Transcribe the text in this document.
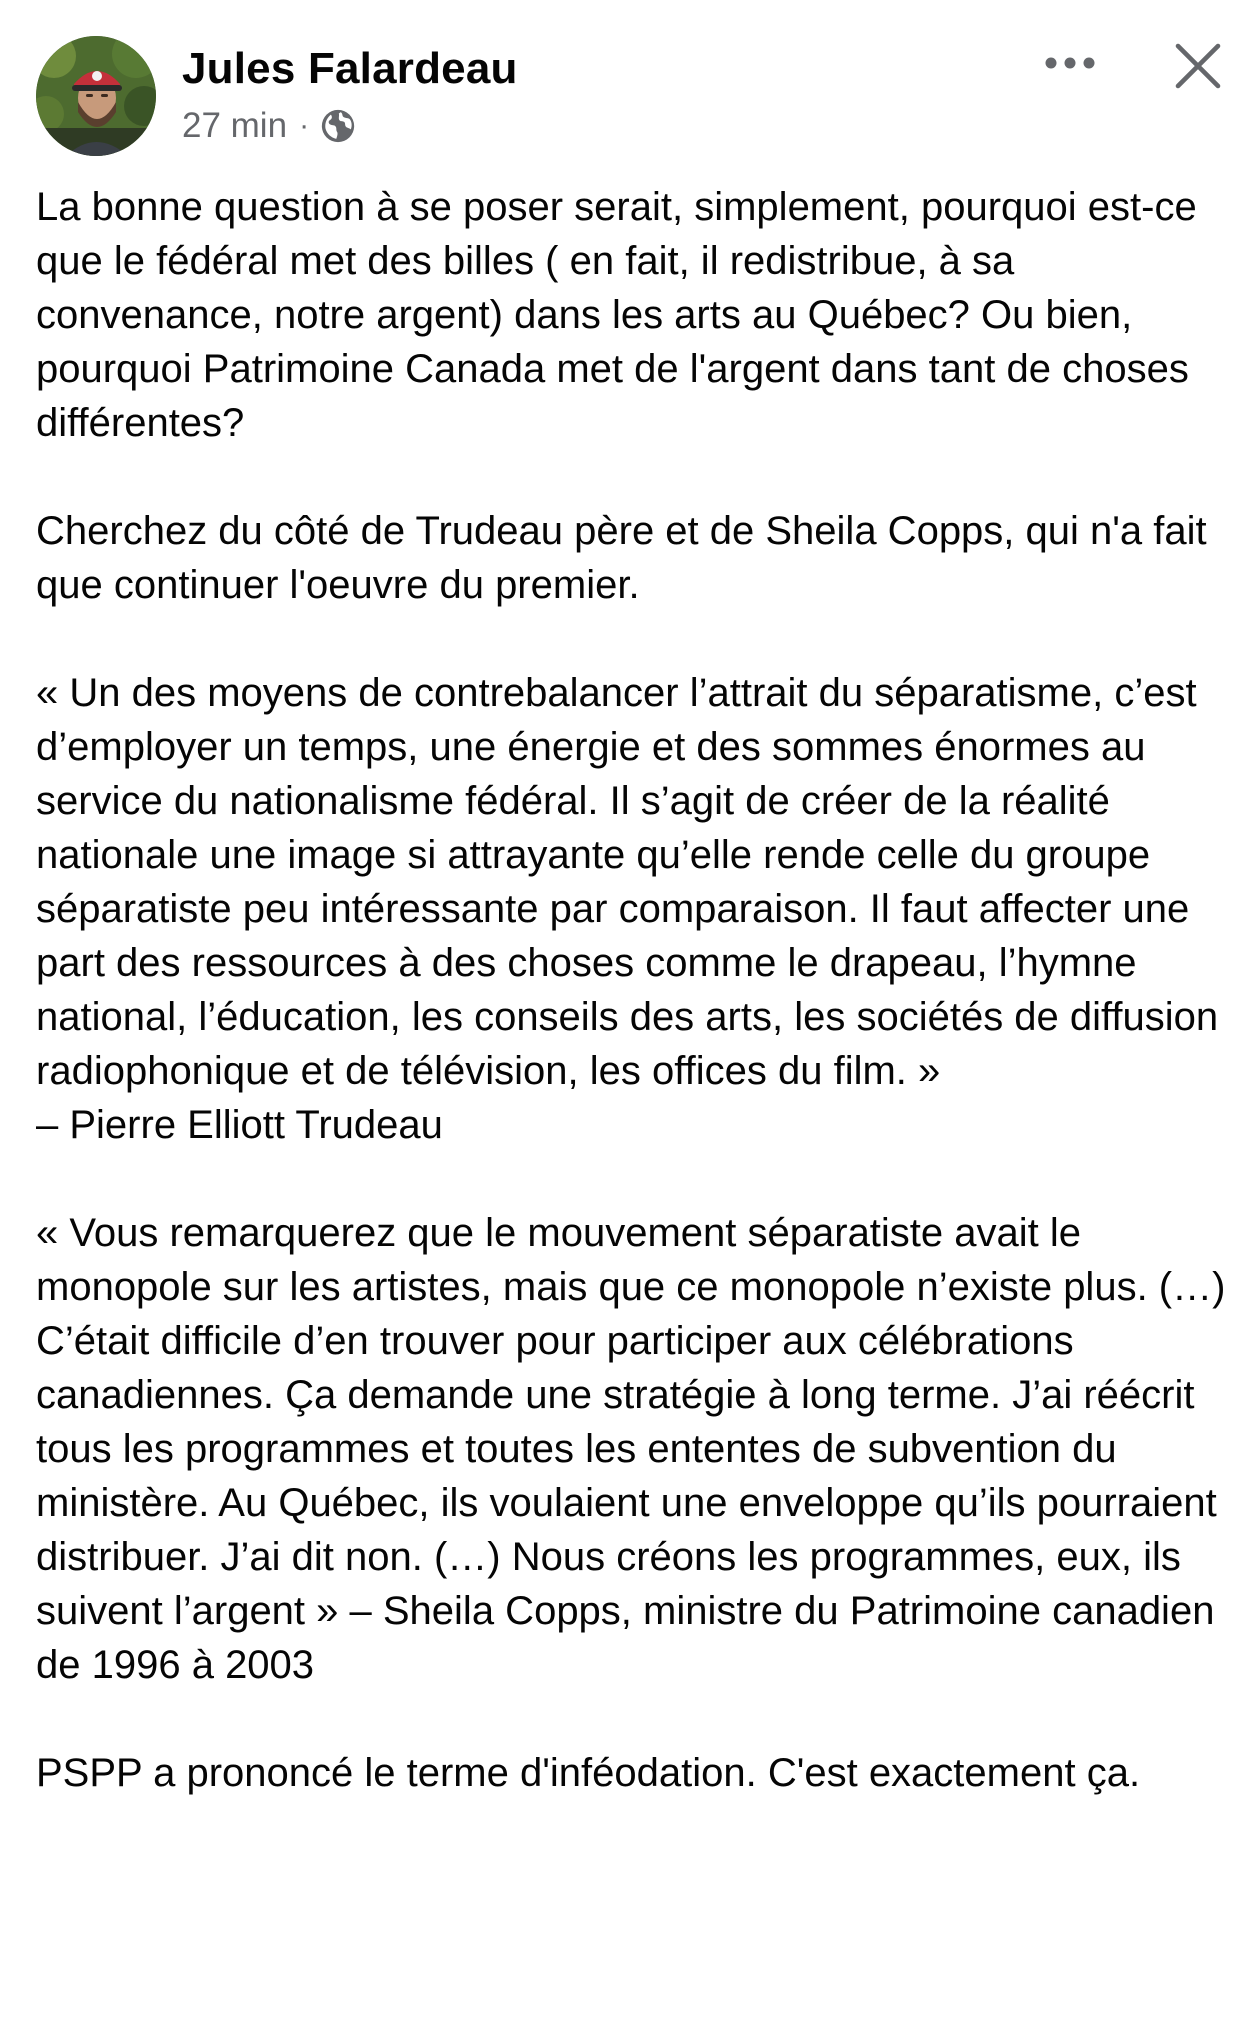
Jules Falardeau
27 min ·

La bonne question à se poser serait, simplement, pourquoi est-ce que le fédéral met des billes ( en fait, il redistribue, à sa convenance, notre argent) dans les arts au Québec? Ou bien, pourquoi Patrimoine Canada met de l'argent dans tant de choses différentes?

Cherchez du côté de Trudeau père et de Sheila Copps, qui n'a fait que continuer l'oeuvre du premier.

« Un des moyens de contrebalancer l’attrait du séparatisme, c’est d’employer un temps, une énergie et des sommes énormes au service du nationalisme fédéral. Il s’agit de créer de la réalité nationale une image si attrayante qu’elle rende celle du groupe séparatiste peu intéressante par comparaison. Il faut affecter une part des ressources à des choses comme le drapeau, l’hymne national, l’éducation, les conseils des arts, les sociétés de diffusion radiophonique et de télévision, les offices du film. »

– Pierre Elliott Trudeau

« Vous remarquerez que le mouvement séparatiste avait le monopole sur les artistes, mais que ce monopole n’existe plus. (…) C’était difficile d’en trouver pour participer aux célébrations canadiennes. Ça demande une stratégie à long terme. J’ai réécrit tous les programmes et toutes les ententes de subvention du ministère. Au Québec, ils voulaient une enveloppe qu’ils pourraient distribuer. J’ai dit non. (…) Nous créons les programmes, eux, ils suivent l’argent » – Sheila Copps, ministre du Patrimoine canadien de 1996 à 2003

PSPP a prononcé le terme d'inféodation. C'est exactement ça.
